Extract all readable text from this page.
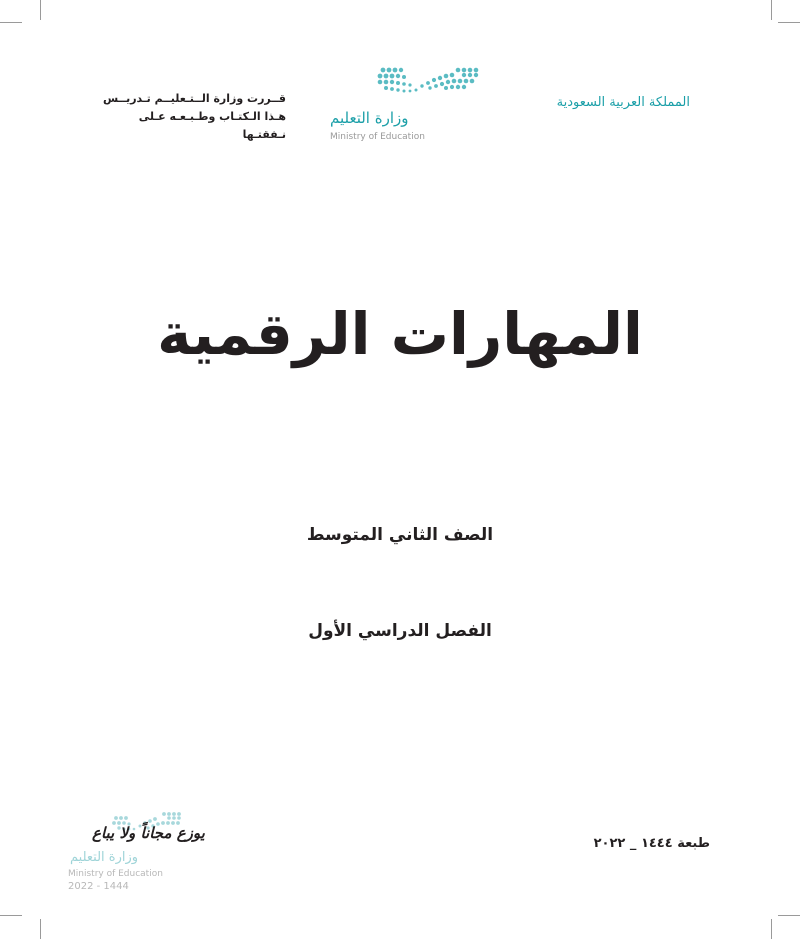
المملكة العربية السعودية
وزارة التعليم
Ministry of Education
قــررت وزارة الــتـعليــم تـدريــس
هـذا الـكتـاب وطـبـعـه عـلى نـفقتـها
المهارات الرقمية
الصف الثاني المتوسط
الفصل الدراسي الأول
طبعة ١٤٤٤ _ ٢٠٢٢
يوزع مجاناً ولا يباع
وزارة التعليم
Ministry of Education
2022 - 1444
